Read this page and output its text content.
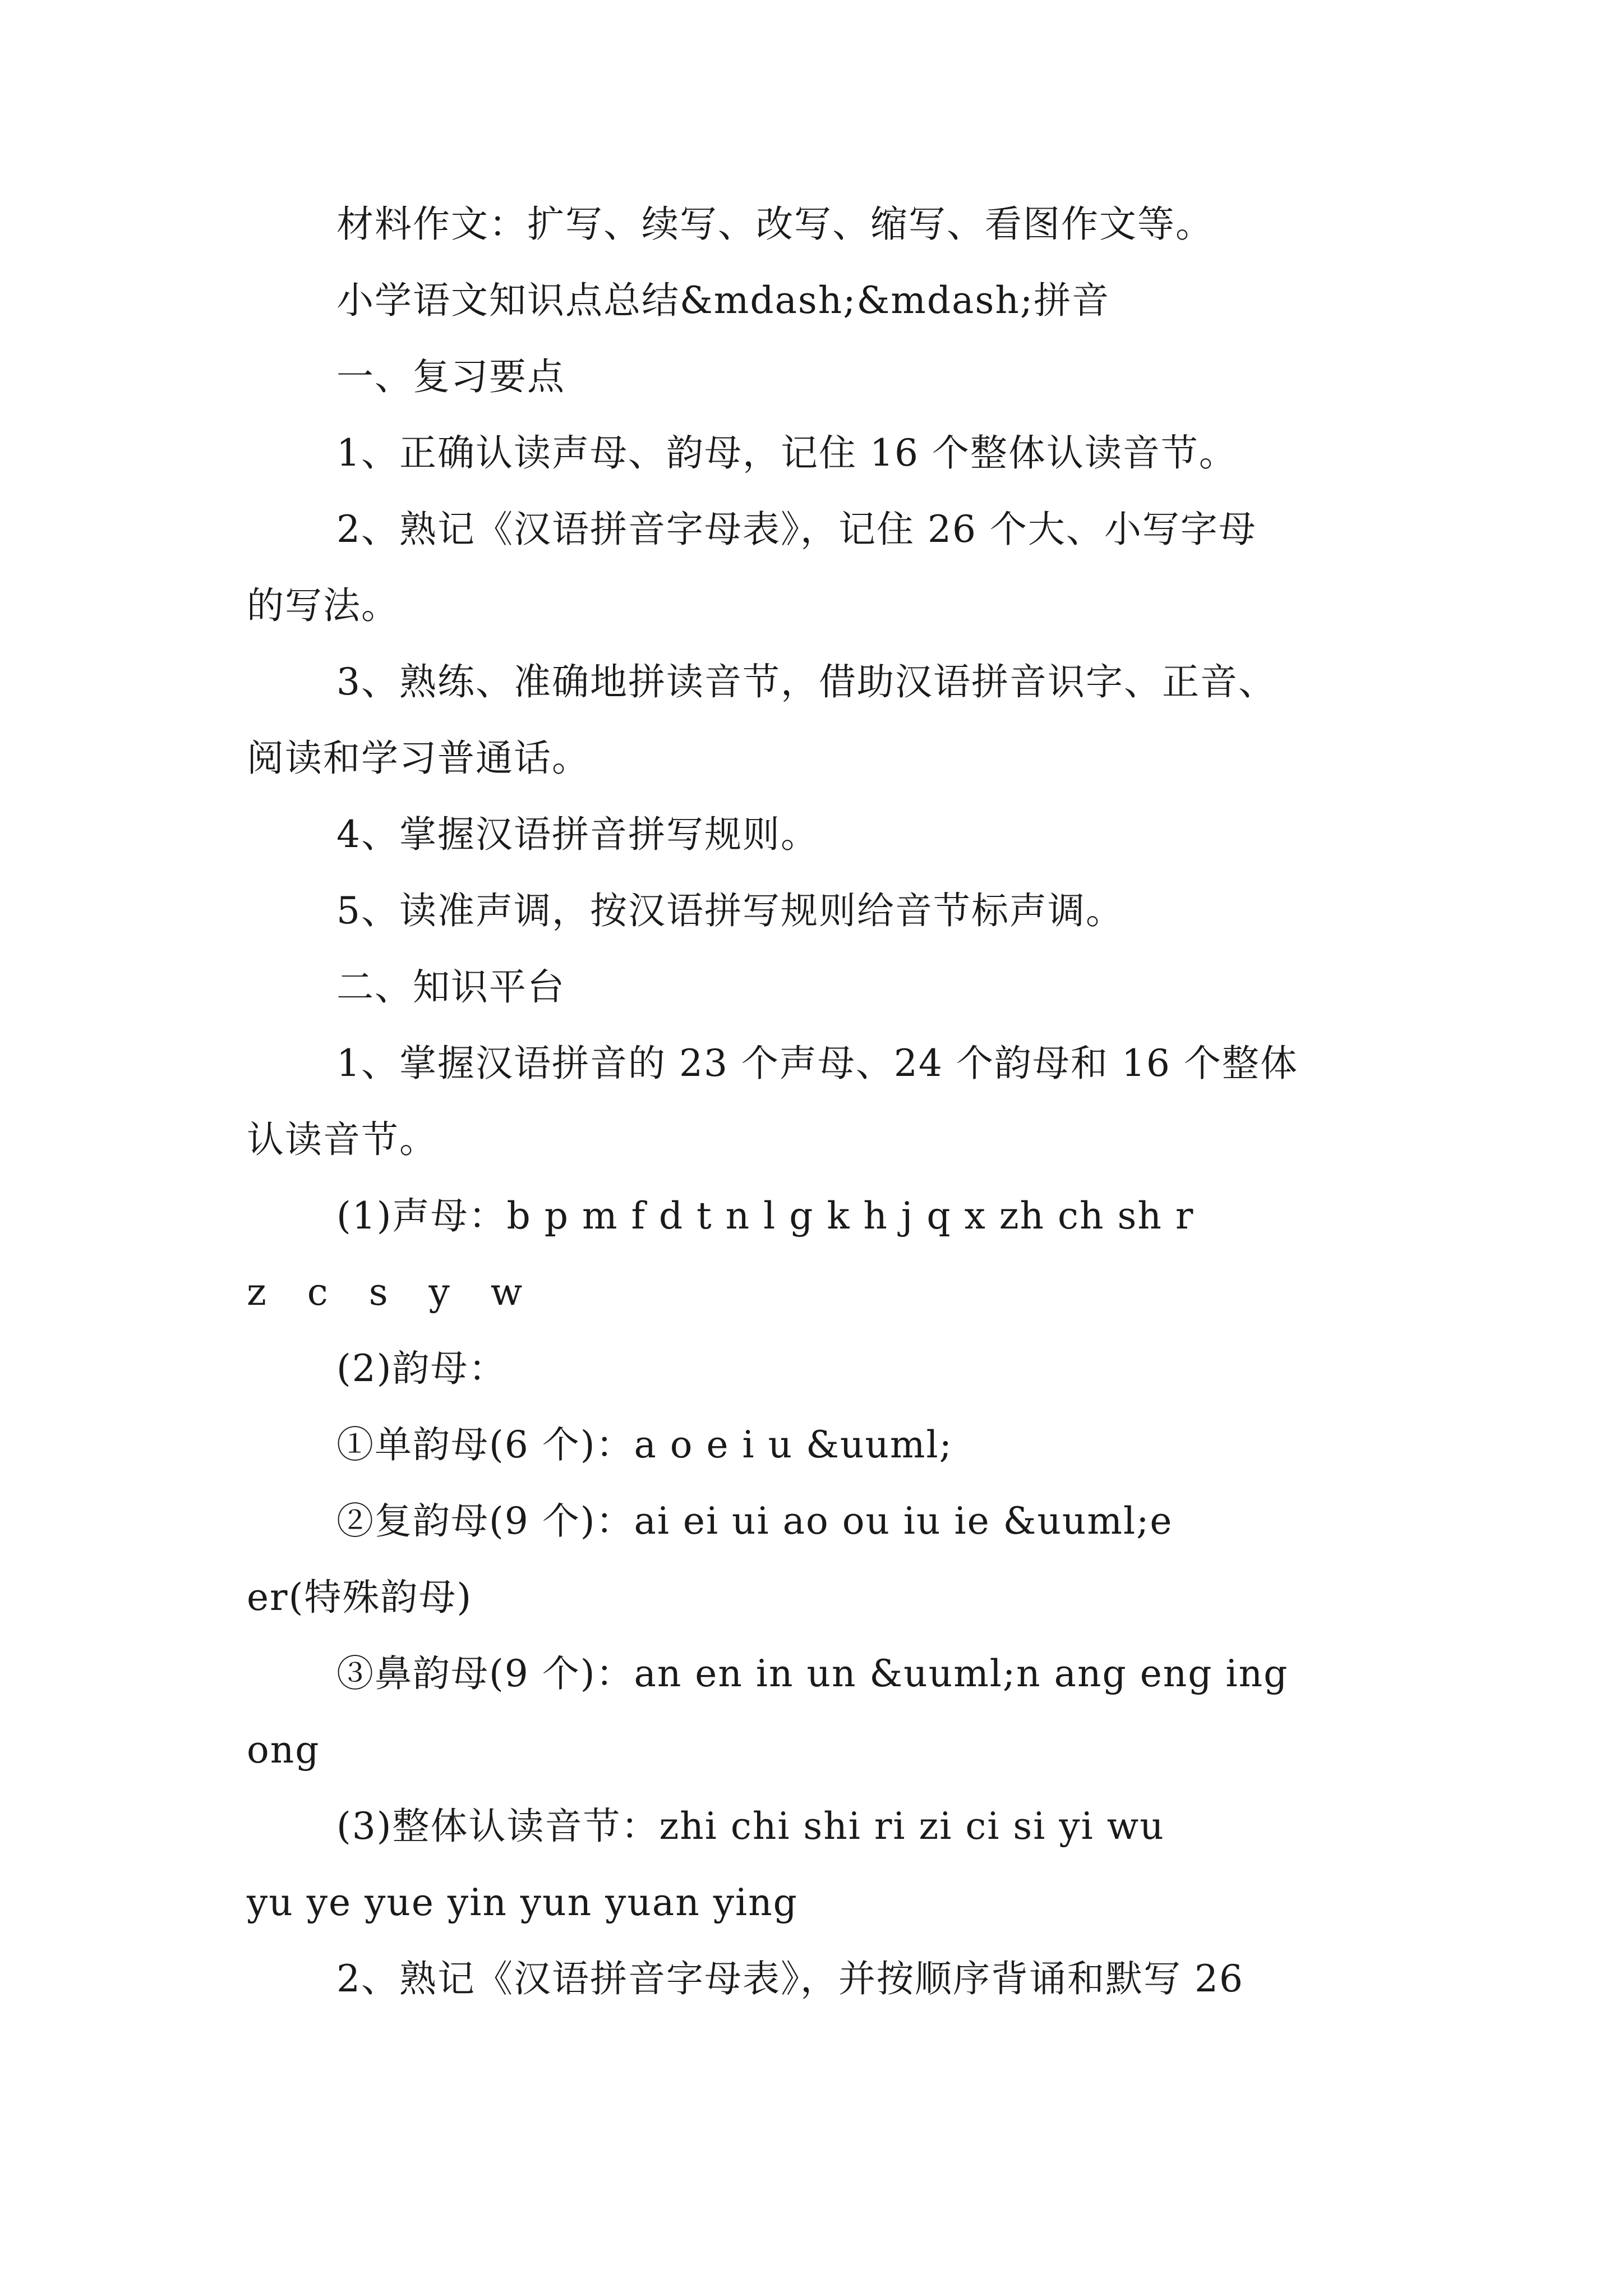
材料作文：扩写、续写、改写、缩写、看图作文等。
小学语文知识点总结&mdash;&mdash;拼音
一、复习要点
1、正确认读声母、韵母，记住 16 个整体认读音节。
2、熟记《汉语拼音字母表》，记住 26 个大、小写字母
的写法。
3、熟练、准确地拼读音节，借助汉语拼音识字、正音、
阅读和学习普通话。
4、掌握汉语拼音拼写规则。
5、读准声调，按汉语拼写规则给音节标声调。
二、知识平台
1、掌握汉语拼音的 23 个声母、24 个韵母和 16 个整体
认读音节。
(1)声母：b p m f d t n l g k h j q x zh ch sh r
z c s y w
(2)韵母：
①单韵母(6 个)：a o e i u &uuml;
②复韵母(9 个)：ai ei ui ao ou iu ie &uuml;e
er(特殊韵母)
③鼻韵母(9 个)：an en in un &uuml;n ang eng ing
ong
(3)整体认读音节：zhi chi shi ri zi ci si yi wu
yu ye yue yin yun yuan ying
2、熟记《汉语拼音字母表》，并按顺序背诵和默写 26
